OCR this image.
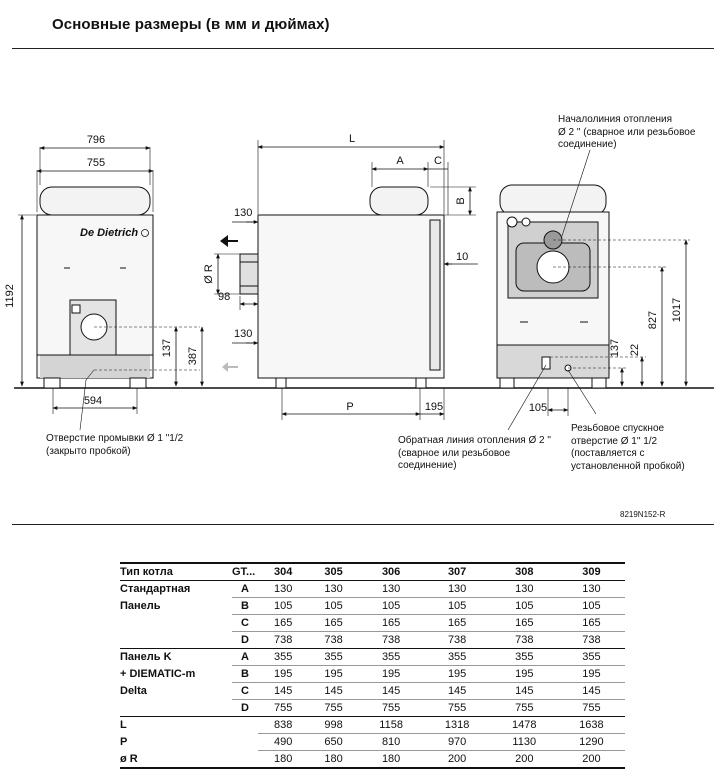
Основные размеры (в мм и дюймах)
De Dietrich
796
755
1192
594
137 387
L
A	C
B
130
Ø R
98
130
10
P	195
22
137
827 1017
105
Началолиния отопления
Ø 2 " (сварное или резьбовое
соединение)
Отверстие промывки Ø 1 "1/2
(закрыто пробкой)
Обратная линия отопления Ø 2 "
(сварное или резьбовое
соединение)
Резьбовое спускное
отверстие Ø 1" 1/2
(поставляется с
установленной пробкой)
8219N152-R
Тип котла	GT...	304	305	306	307	308	309
Стандартная	A	130	130	130	130	130	130
Панель	B	105	105	105	105	105	105
	C	165	165	165	165	165	165
	D	738	738	738	738	738	738
Панель K	A	355	355	355	355	355	355
+ DIEMATIC-m	B	195	195	195	195	195	195
Delta	C	145	145	145	145	145	145
	D	755	755	755	755	755	755
L		838	998	1158	1318	1478	1638
P		490	650	810	970	1130	1290
ø R		180	180	180	200	200	200
